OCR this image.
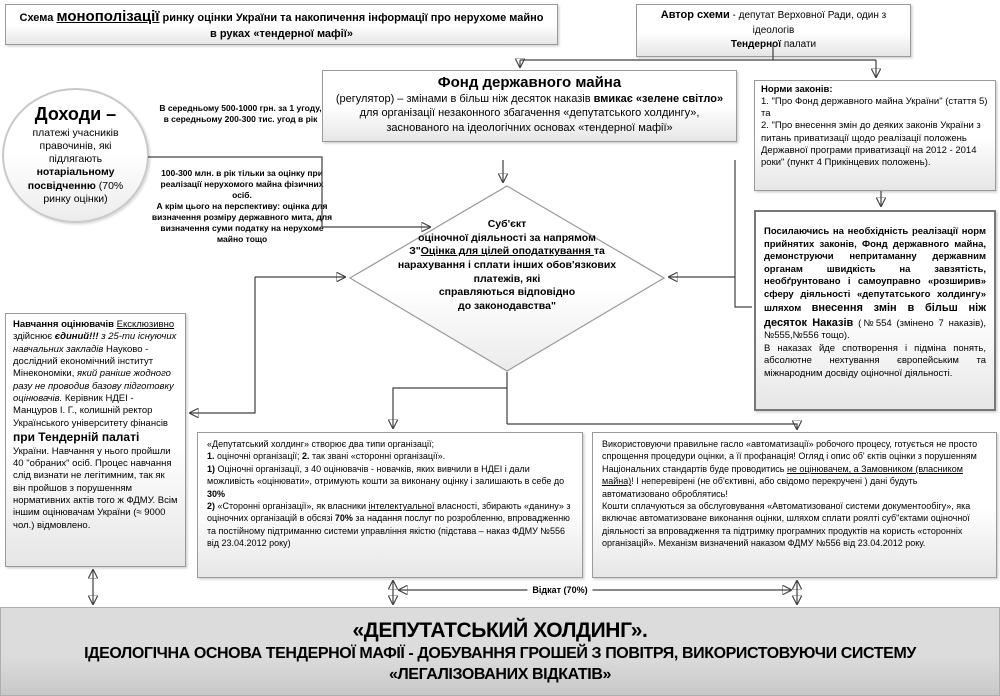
Схема монополізації ринку оцінки України та накопичення інформації про нерухоме майно в руках «тендерної мафії»
Автор схеми - депутат Верховної Ради, один з ідеологів
Тендерної палати
Доходи –
платежі учасників правочинів, які підлягають нотаріальному посвідченню (70% ринку оцінки)
В середньому 500-1000 грн. за 1 угоду, в середньому 200-300 тис. угод в рік
100-300 млн. в рік тільки за оцінку при реалізації нерухомого майна фізичних осіб.
А крім цього на перспективу: оцінка для визначення розміру державного мита, для визначення суми податку на нерухоме майно тощо
Фонд державного майна
(регулятор) – змінами в більш ніж десяток наказів вмикає «зелене світло» для організації незаконного збагачення «депутатського холдингу», заснованого на ідеологічних основах «тендерної мафії»
Норми законів:
1. "Про Фонд державного майна України" (стаття 5) та
2. "Про внесення змін до деяких законів України з питань приватизації щодо реалізації положень Державної програми приватизації на 2012 - 2014 роки" (пункт 4 Прикінцевих положень).
Суб'єкт
оціночної діяльності за напрямом
З"Оцінка для цілей оподаткування та
нарахування і сплати інших обов'язкових
платежів, які
справляються відповідно
до законодавства"
Посилаючись на необхідність реалізації норм прийнятих законів, Фонд державного майна, демонструючи непритаманну державним органам швидкість на завзятість, необґрунтовано і самоуправно «розширив» сферу діяльності «депутатського холдингу» шляхом внесення змін в більш ніж десяток Наказів (№554 (змінено 7 наказів),№555,№556 тощо).
В наказах йде спотворення і підміна понять, абсолютне нехтування європейським та міжнародним досвіду оціночної діяльності.
Навчання оцінювачів Ексклюзивно здійснює єдиний!!! з 25-ти існуючих навчальних закладів Науково - дослідний економічний інститут Мінекономіки, який раніше жодного разу не проводив базову підготовку оцінювачів. Керівник НДЕІ - Манцуров І. Г., колишній ректор Українського університету фінансів при Тендерній палаті України. Навчання у нього пройшли 40 "обраних" осіб. Процес навчання слід визнати не легітимним, так як він пройшов з порушенням нормативних актів того ж ФДМУ. Всім іншим оцінювачам України (≈ 9000 чол.) відмовлено.
«Депутатський холдинг» створює два типи організації;
1. оціночні організації; 2. так звані «сторонні організації».
1) Оціночні організації, з 40 оцінювачів - новачків, яких вивчили в НДЕІ і дали можливість «оцінювати», отримують кошти за виконану оцінку і залишають в себе до 30%
2) «Сторонні організації», як власники інтелектуальної власності, збирають «данину» з оціночних організацій в обсязі 70% за надання послуг по розробленню, впровадженню та постійному підтриманню системи управління якістю (підстава – наказ ФДМУ №556 від 23.04.2012 року)
Використовуючи правильне гасло «автоматизації» робочого процесу, готується не просто спрощення процедури оцінки, а її профанація! Огляд і опис об' єктів оцінки з порушенням Національних стандартів буде проводитись не оцінювачем, а Замовником (власником майна)! І неперевірені (не об'єктивні, або свідомо перекручені ) дані будуть автоматизовано оброблятись!
Кошти сплачуються за обслуговування «Автоматизованої системи документообігу», яка включає автоматизоване виконання оцінки, шляхом сплати роялті суб"єктами оціночної діяльності за впровадження та підтримку програмних продуктів на користь «сторонніх організацій». Механізм визначений наказом ФДМУ №556 від 23.04.2012 року.
Відкат (70%)
«ДЕПУТАТСЬКИЙ ХОЛДИНГ».
ІДЕОЛОГІЧНА ОСНОВА ТЕНДЕРНОЇ МАФІЇ - ДОБУВАННЯ ГРОШЕЙ З ПОВІТРЯ, ВИКОРИСТОВУЮЧИ СИСТЕМУ «ЛЕГАЛІЗОВАНИХ ВІДКАТІВ»
